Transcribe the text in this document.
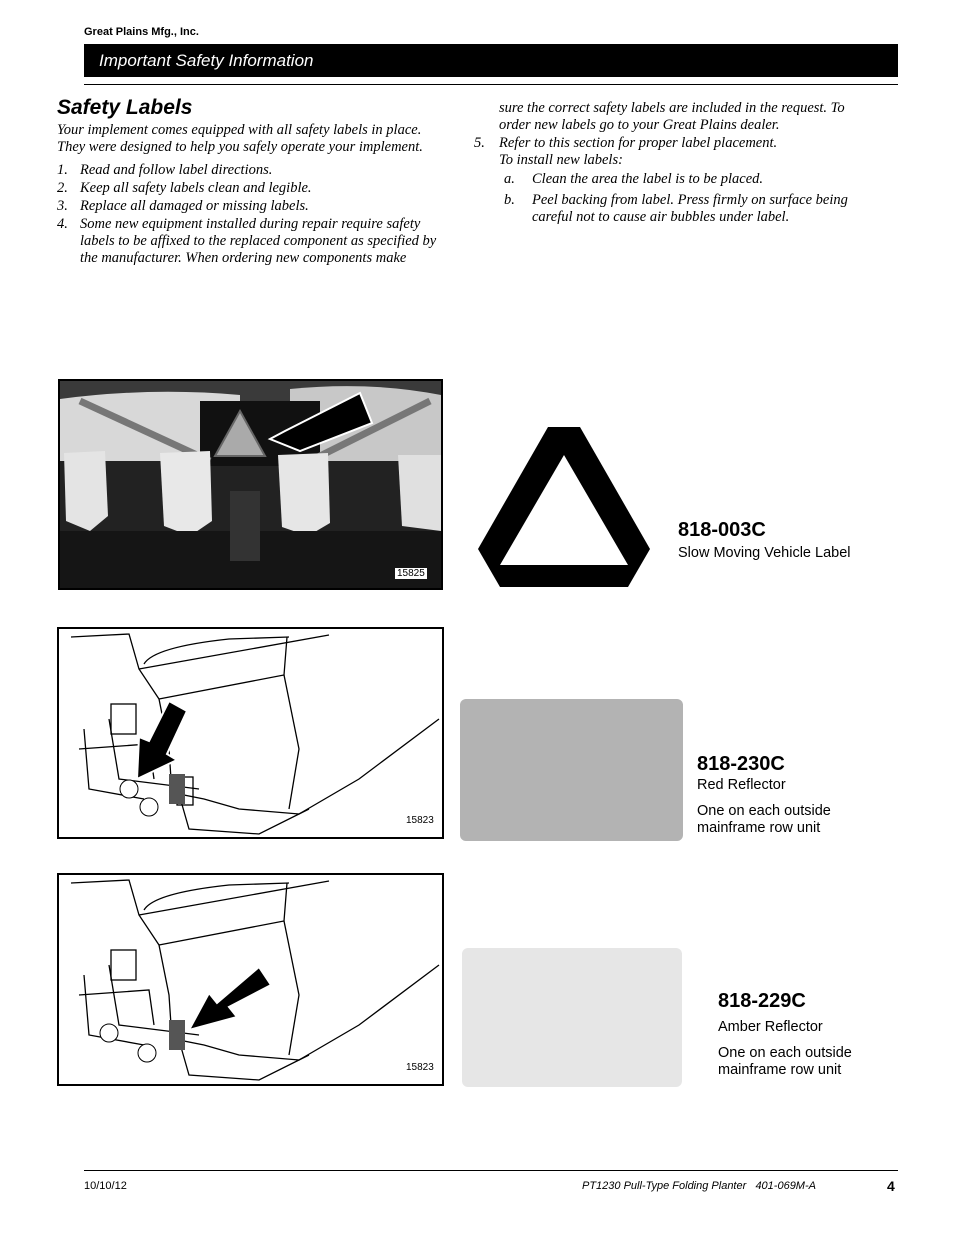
Great Plains Mfg., Inc.
Important Safety Information
Safety Labels
Your implement comes equipped with all safety labels in place. They were designed to help you safely operate your implement.
1. Read and follow label directions.
2. Keep all safety labels clean and legible.
3. Replace all damaged or missing labels.
4. Some new equipment installed during repair require safety labels to be affixed to the replaced component as specified by the manufacturer. When ordering new components make
sure the correct safety labels are included in the request. To order new labels go to your Great Plains dealer.
5. Refer to this section for proper label placement.
To install new labels:
a. Clean the area the label is to be placed.
b. Peel backing from label. Press firmly on surface being careful not to cause air bubbles under label.
15825
818-003C
Slow Moving Vehicle Label
15823
818-230C
Red Reflector
One on each outside mainframe row unit
15823
818-229C
Amber Reflector
One on each outside mainframe row unit
10/10/12	PT1230 Pull-Type Folding Planter   401-069M-A	4
